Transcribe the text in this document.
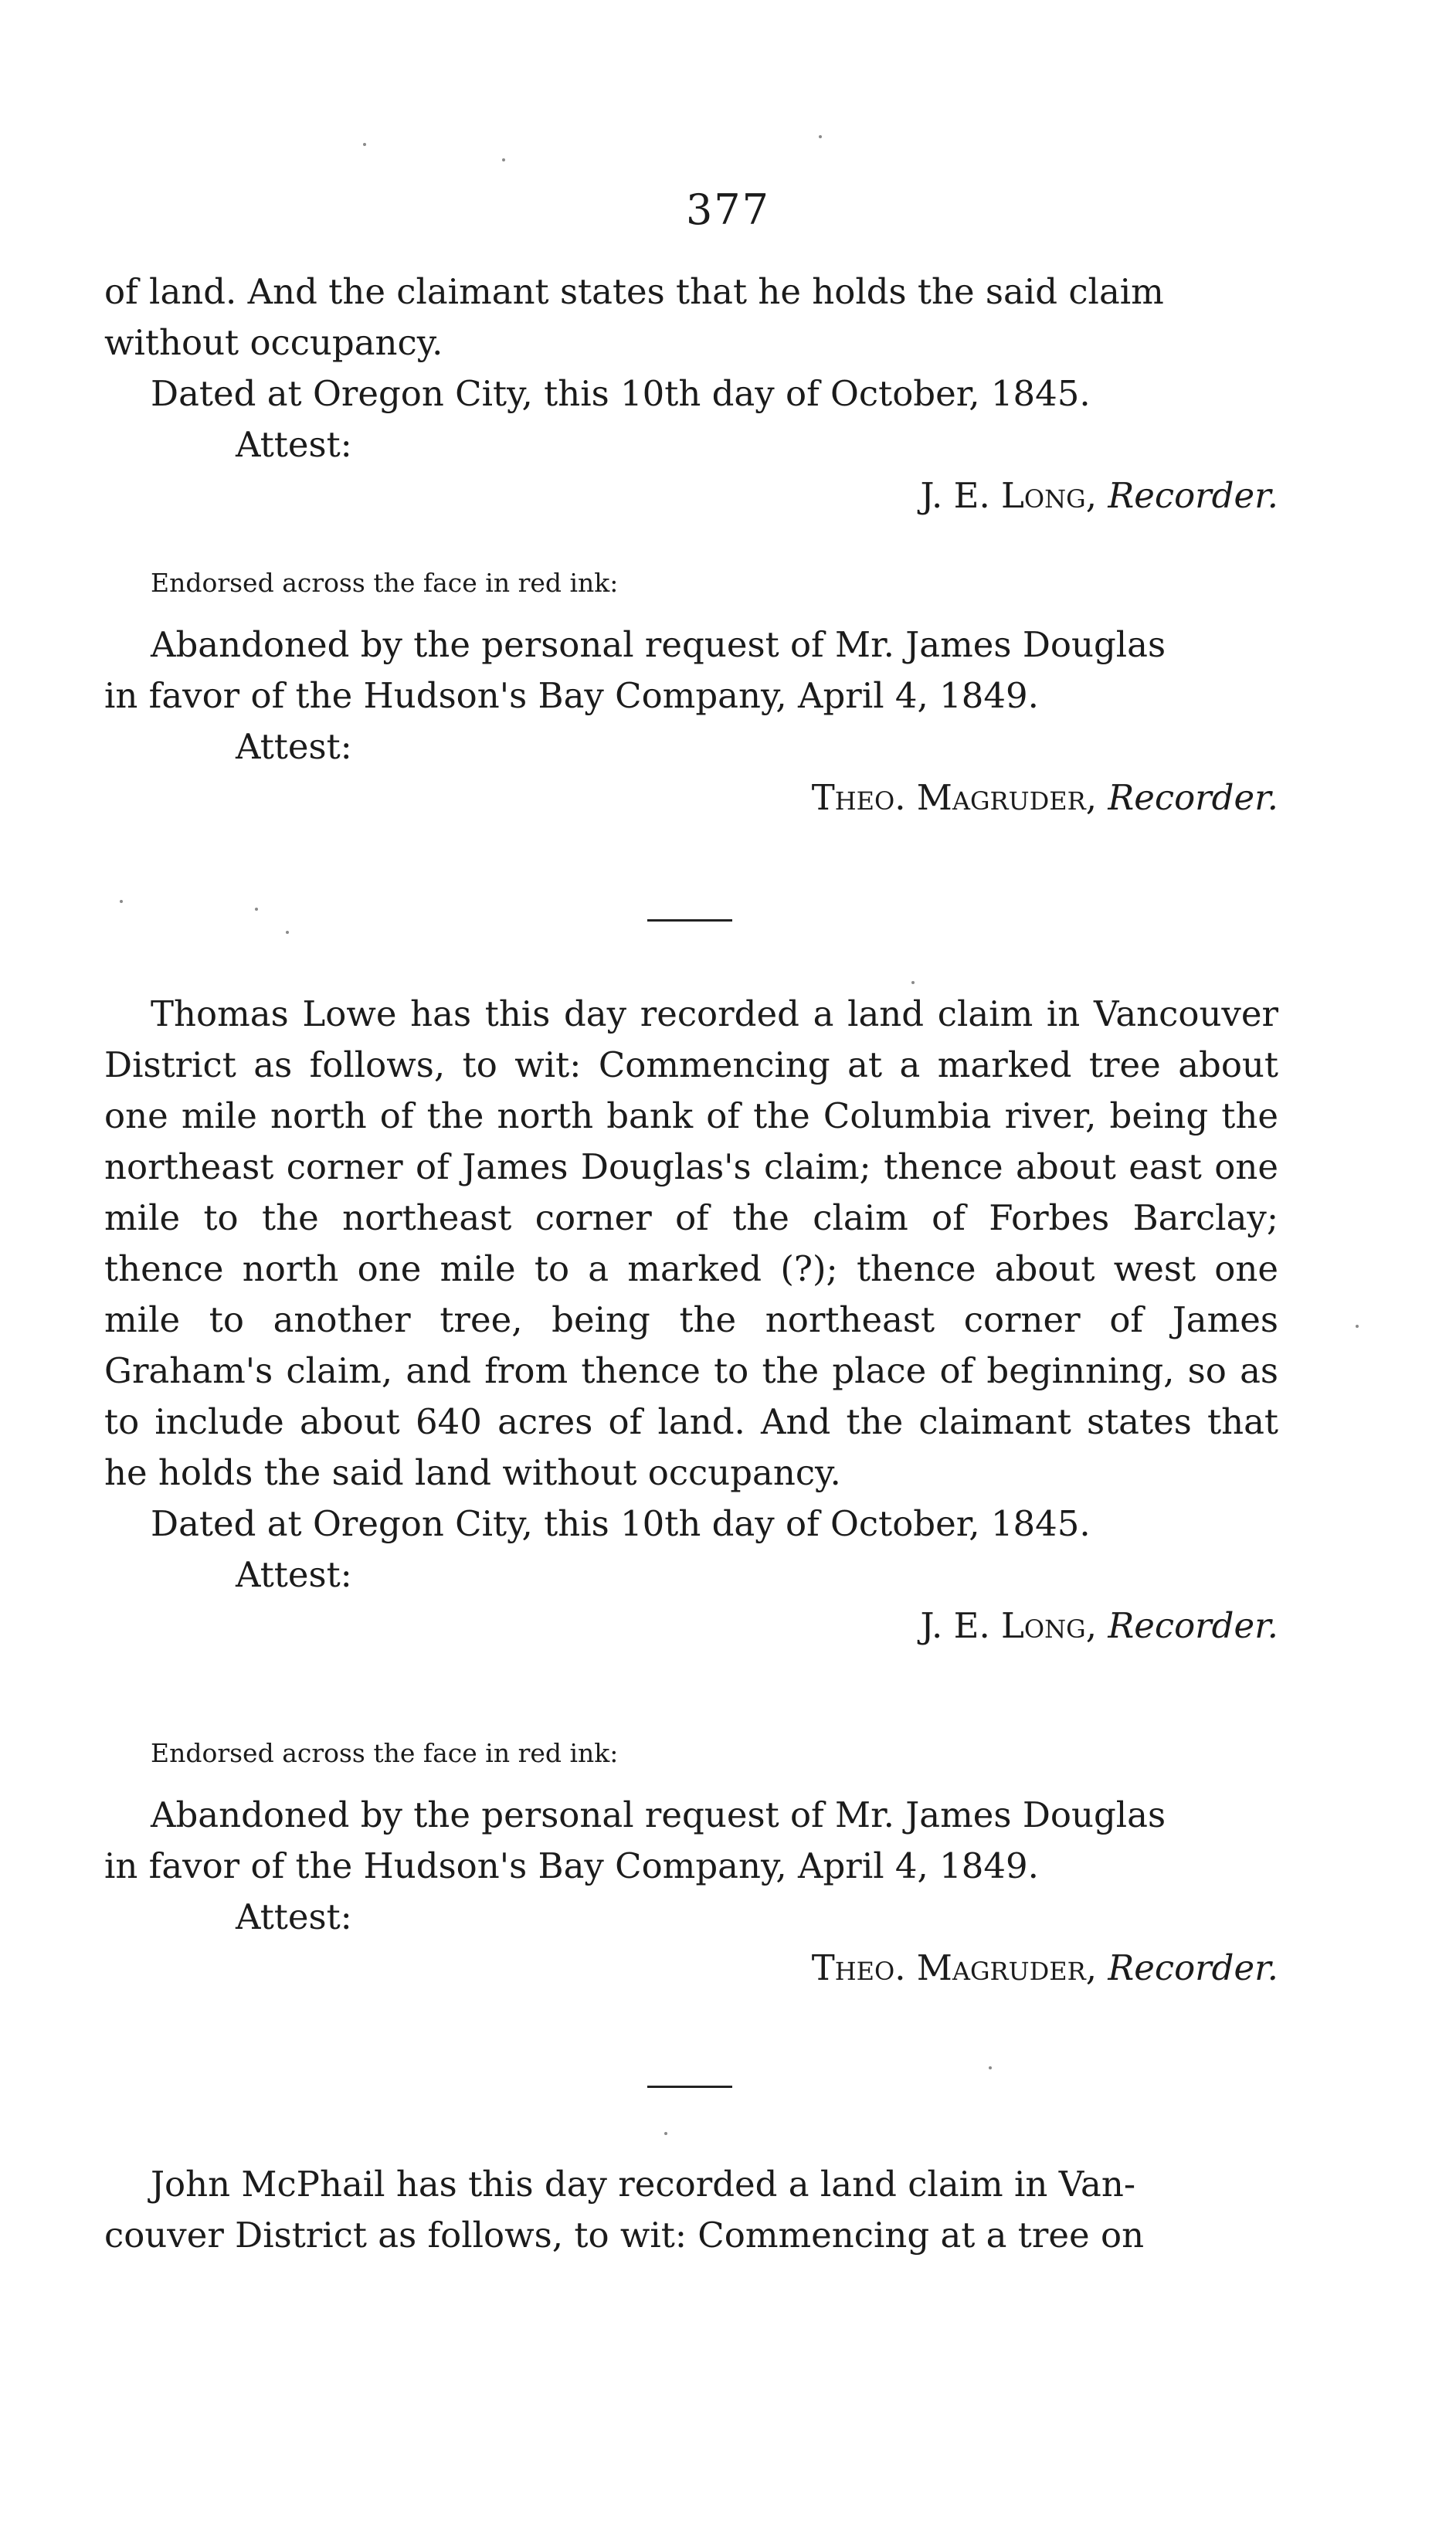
377

of land. And the claimant states that he holds the said claim

without occupancy.

Dated at Oregon City, this 10th day of October, 1845.

Attest:

J. E. Long, Recorder.

Endorsed across the face in red ink:

Abandoned by the personal request of Mr. James Douglas

in favor of the Hudson's Bay Company, April 4, 1849.

Attest:

Theo. Magruder, Recorder.

Thomas Lowe has this day recorded a land claim in Vancouver District as follows, to wit: Commencing at a marked tree about one mile north of the north bank of the Columbia river, being the northeast corner of James Douglas's claim; thence about east one mile to the northeast corner of the claim of Forbes Barclay; thence north one mile to a marked (?); thence about west one mile to another tree, being the northeast corner of James Graham's claim, and from thence to the place of beginning, so as to include about 640 acres of land. And the claimant states that he holds the said land without occupancy.

Dated at Oregon City, this 10th day of October, 1845.

Attest:

J. E. Long, Recorder.

Endorsed across the face in red ink:

Abandoned by the personal request of Mr. James Douglas

in favor of the Hudson's Bay Company, April 4, 1849.

Attest:

Theo. Magruder, Recorder.

John McPhail has this day recorded a land claim in Van-

couver District as follows, to wit: Commencing at a tree on
